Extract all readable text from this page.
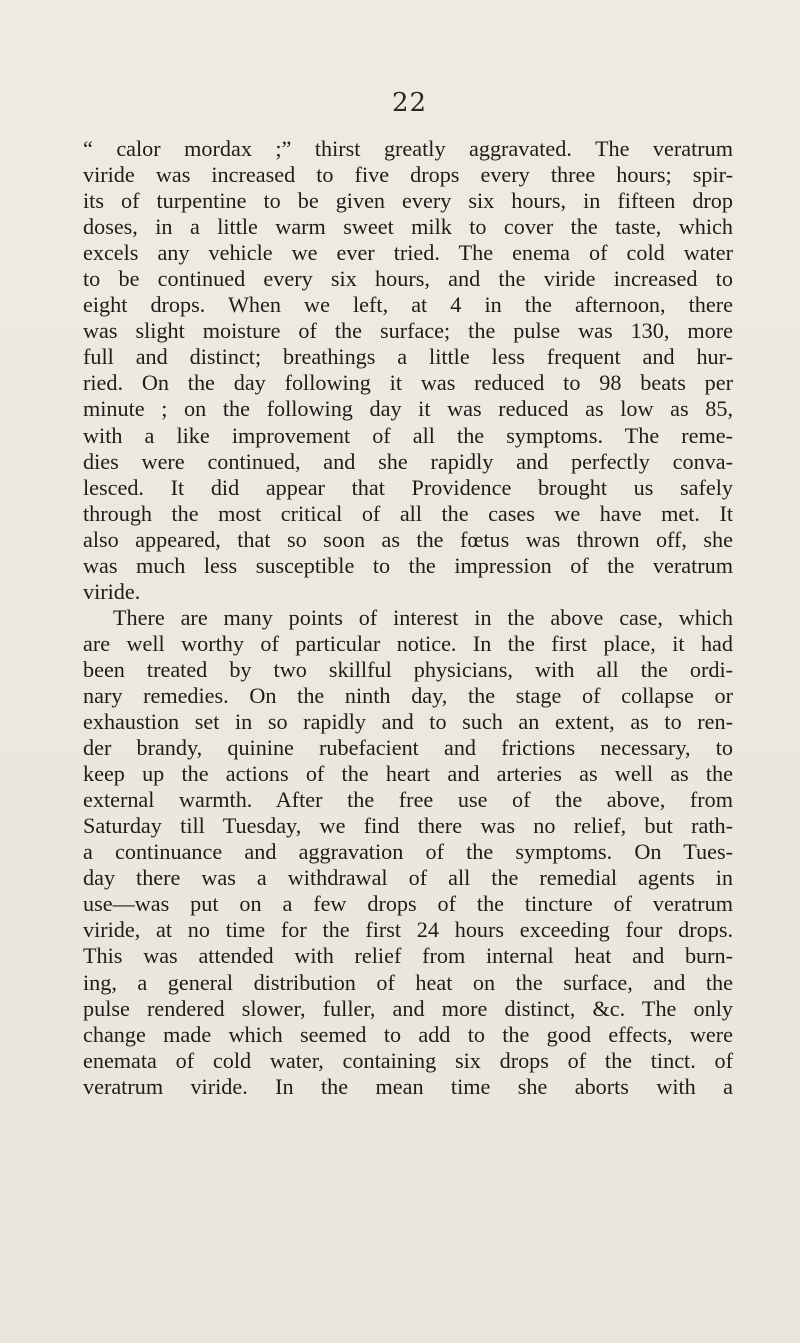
22
“ calor mordax ;” thirst greatly aggravated. The veratrum
viride was increased to five drops every three hours; spir-
its of turpentine to be given every six hours, in fifteen drop
doses, in a little warm sweet milk to cover the taste, which
excels any vehicle we ever tried. The enema of cold water
to be continued every six hours, and the viride increased to
eight drops. When we left, at 4 in the afternoon, there
was slight moisture of the surface; the pulse was 130, more
full and distinct; breathings a little less frequent and hur-
ried. On the day following it was reduced to 98 beats per
minute ; on the following day it was reduced as low as 85,
with a like improvement of all the symptoms. The reme-
dies were continued, and she rapidly and perfectly conva-
lesced. It did appear that Providence brought us safely
through the most critical of all the cases we have met. It
also appeared, that so soon as the fœtus was thrown off, she
was much less susceptible to the impression of the veratrum
viride.
There are many points of interest in the above case, which
are well worthy of particular notice. In the first place, it had
been treated by two skillful physicians, with all the ordi-
nary remedies. On the ninth day, the stage of collapse or
exhaustion set in so rapidly and to such an extent, as to ren-
der brandy, quinine rubefacient and frictions necessary, to
keep up the actions of the heart and arteries as well as the
external warmth. After the free use of the above, from
Saturday till Tuesday, we find there was no relief, but rath-
a continuance and aggravation of the symptoms. On Tues-
day there was a withdrawal of all the remedial agents in
use—was put on a few drops of the tincture of veratrum
viride, at no time for the first 24 hours exceeding four drops.
This was attended with relief from internal heat and burn-
ing, a general distribution of heat on the surface, and the
pulse rendered slower, fuller, and more distinct, &c. The only
change made which seemed to add to the good effects, were
enemata of cold water, containing six drops of the tinct. of
veratrum viride. In the mean time she aborts with a
